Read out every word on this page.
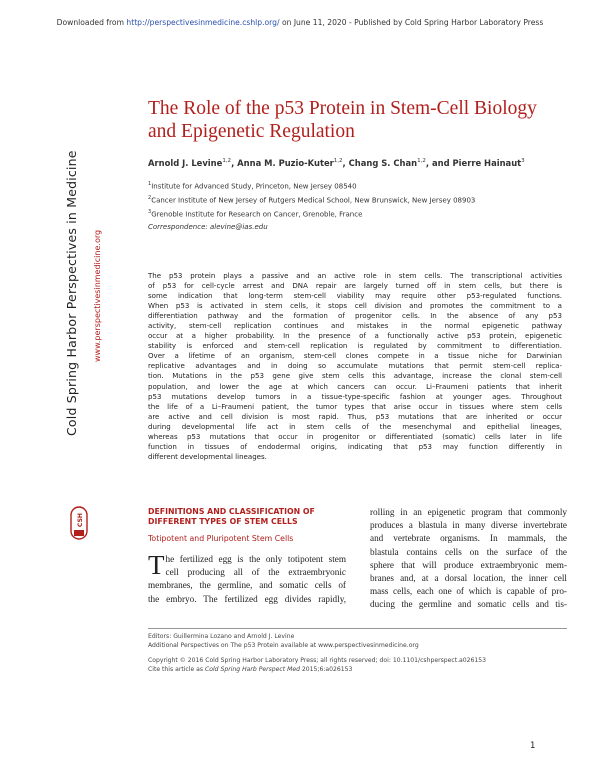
Downloaded from http://perspectivesinmedicine.cshlp.org/ on June 11, 2020 - Published by Cold Spring Harbor Laboratory Press
Cold Spring Harbor Perspectives in Medicine www.perspectivesinmedicine.org
CSH
The Role of the p53 Protein in Stem-Cell Biology
and Epigenetic Regulation
Arnold J. Levine$^{1,2}$, Anna M. Puzio-Kuter$^{1,2}$, Chang S. Chan$^{1,2}$, and Pierre Hainaut$^3$
$^1$Institute for Advanced Study, Princeton, New Jersey 08540
$^2$Cancer Institute of New Jersey of Rutgers Medical School, New Brunswick, New Jersey 08903
$^3$Grenoble Institute for Research on Cancer, Grenoble, France
Correspondence: alevine@ias.edu
The p53 protein plays a passive and an active role in stem cells. The transcriptional activities
of p53 for cell-cycle arrest and DNA repair are largely turned off in stem cells, but there is
some indication that long-term stem-cell viability may require other p53-regulated functions.
When p53 is activated in stem cells, it stops cell division and promotes the commitment to a
differentiation pathway and the formation of progenitor cells. In the absence of any p53
activity, stem-cell replication continues and mistakes in the normal epigenetic pathway
occur at a higher probability. In the presence of a functionally active p53 protein, epigenetic
stability is enforced and stem-cell replication is regulated by commitment to differentiation.
Over a lifetime of an organism, stem-cell clones compete in a tissue niche for Darwinian
replicative advantages and in doing so accumulate mutations that permit stem-cell replica-
tion. Mutations in the p53 gene give stem cells this advantage, increase the clonal stem-cell
population, and lower the age at which cancers can occur. Li–Fraumeni patients that inherit
p53 mutations develop tumors in a tissue-type-specific fashion at younger ages. Throughout
the life of a Li–Fraumeni patient, the tumor types that arise occur in tissues where stem cells
are active and cell division is most rapid. Thus, p53 mutations that are inherited or occur
during developmental life act in stem cells of the mesenchymal and epithelial lineages,
whereas p53 mutations that occur in progenitor or differentiated (somatic) cells later in life
function in tissues of endodermal origins, indicating that p53 may function differently in
different developmental lineages.
DEFINITIONS AND CLASSIFICATION OF
DIFFERENT TYPES OF STEM CELLS
Totipotent and Pluripotent Stem Cells
T he fertilized egg is the only totipotent stem
cell producing all of the extraembryonic
membranes, the germline, and somatic cells of
the embryo. The fertilized egg divides rapidly,
rolling in an epigenetic program that commonly
produces a blastula in many diverse invertebrate
and vertebrate organisms. In mammals, the
blastula contains cells on the surface of the
sphere that will produce extraembryonic mem-
branes and, at a dorsal location, the inner cell
mass cells, each one of which is capable of pro-
ducing the germline and somatic cells and tis-
Editors: Guillermina Lozano and Arnold J. Levine
Additional Perspectives on The p53 Protein available at www.perspectivesinmedicine.org
Copyright © 2016 Cold Spring Harbor Laboratory Press; all rights reserved; doi: 10.1101/cshperspect.a026153
Cite this article as Cold Spring Harb Perspect Med 2015;6:a026153
1
